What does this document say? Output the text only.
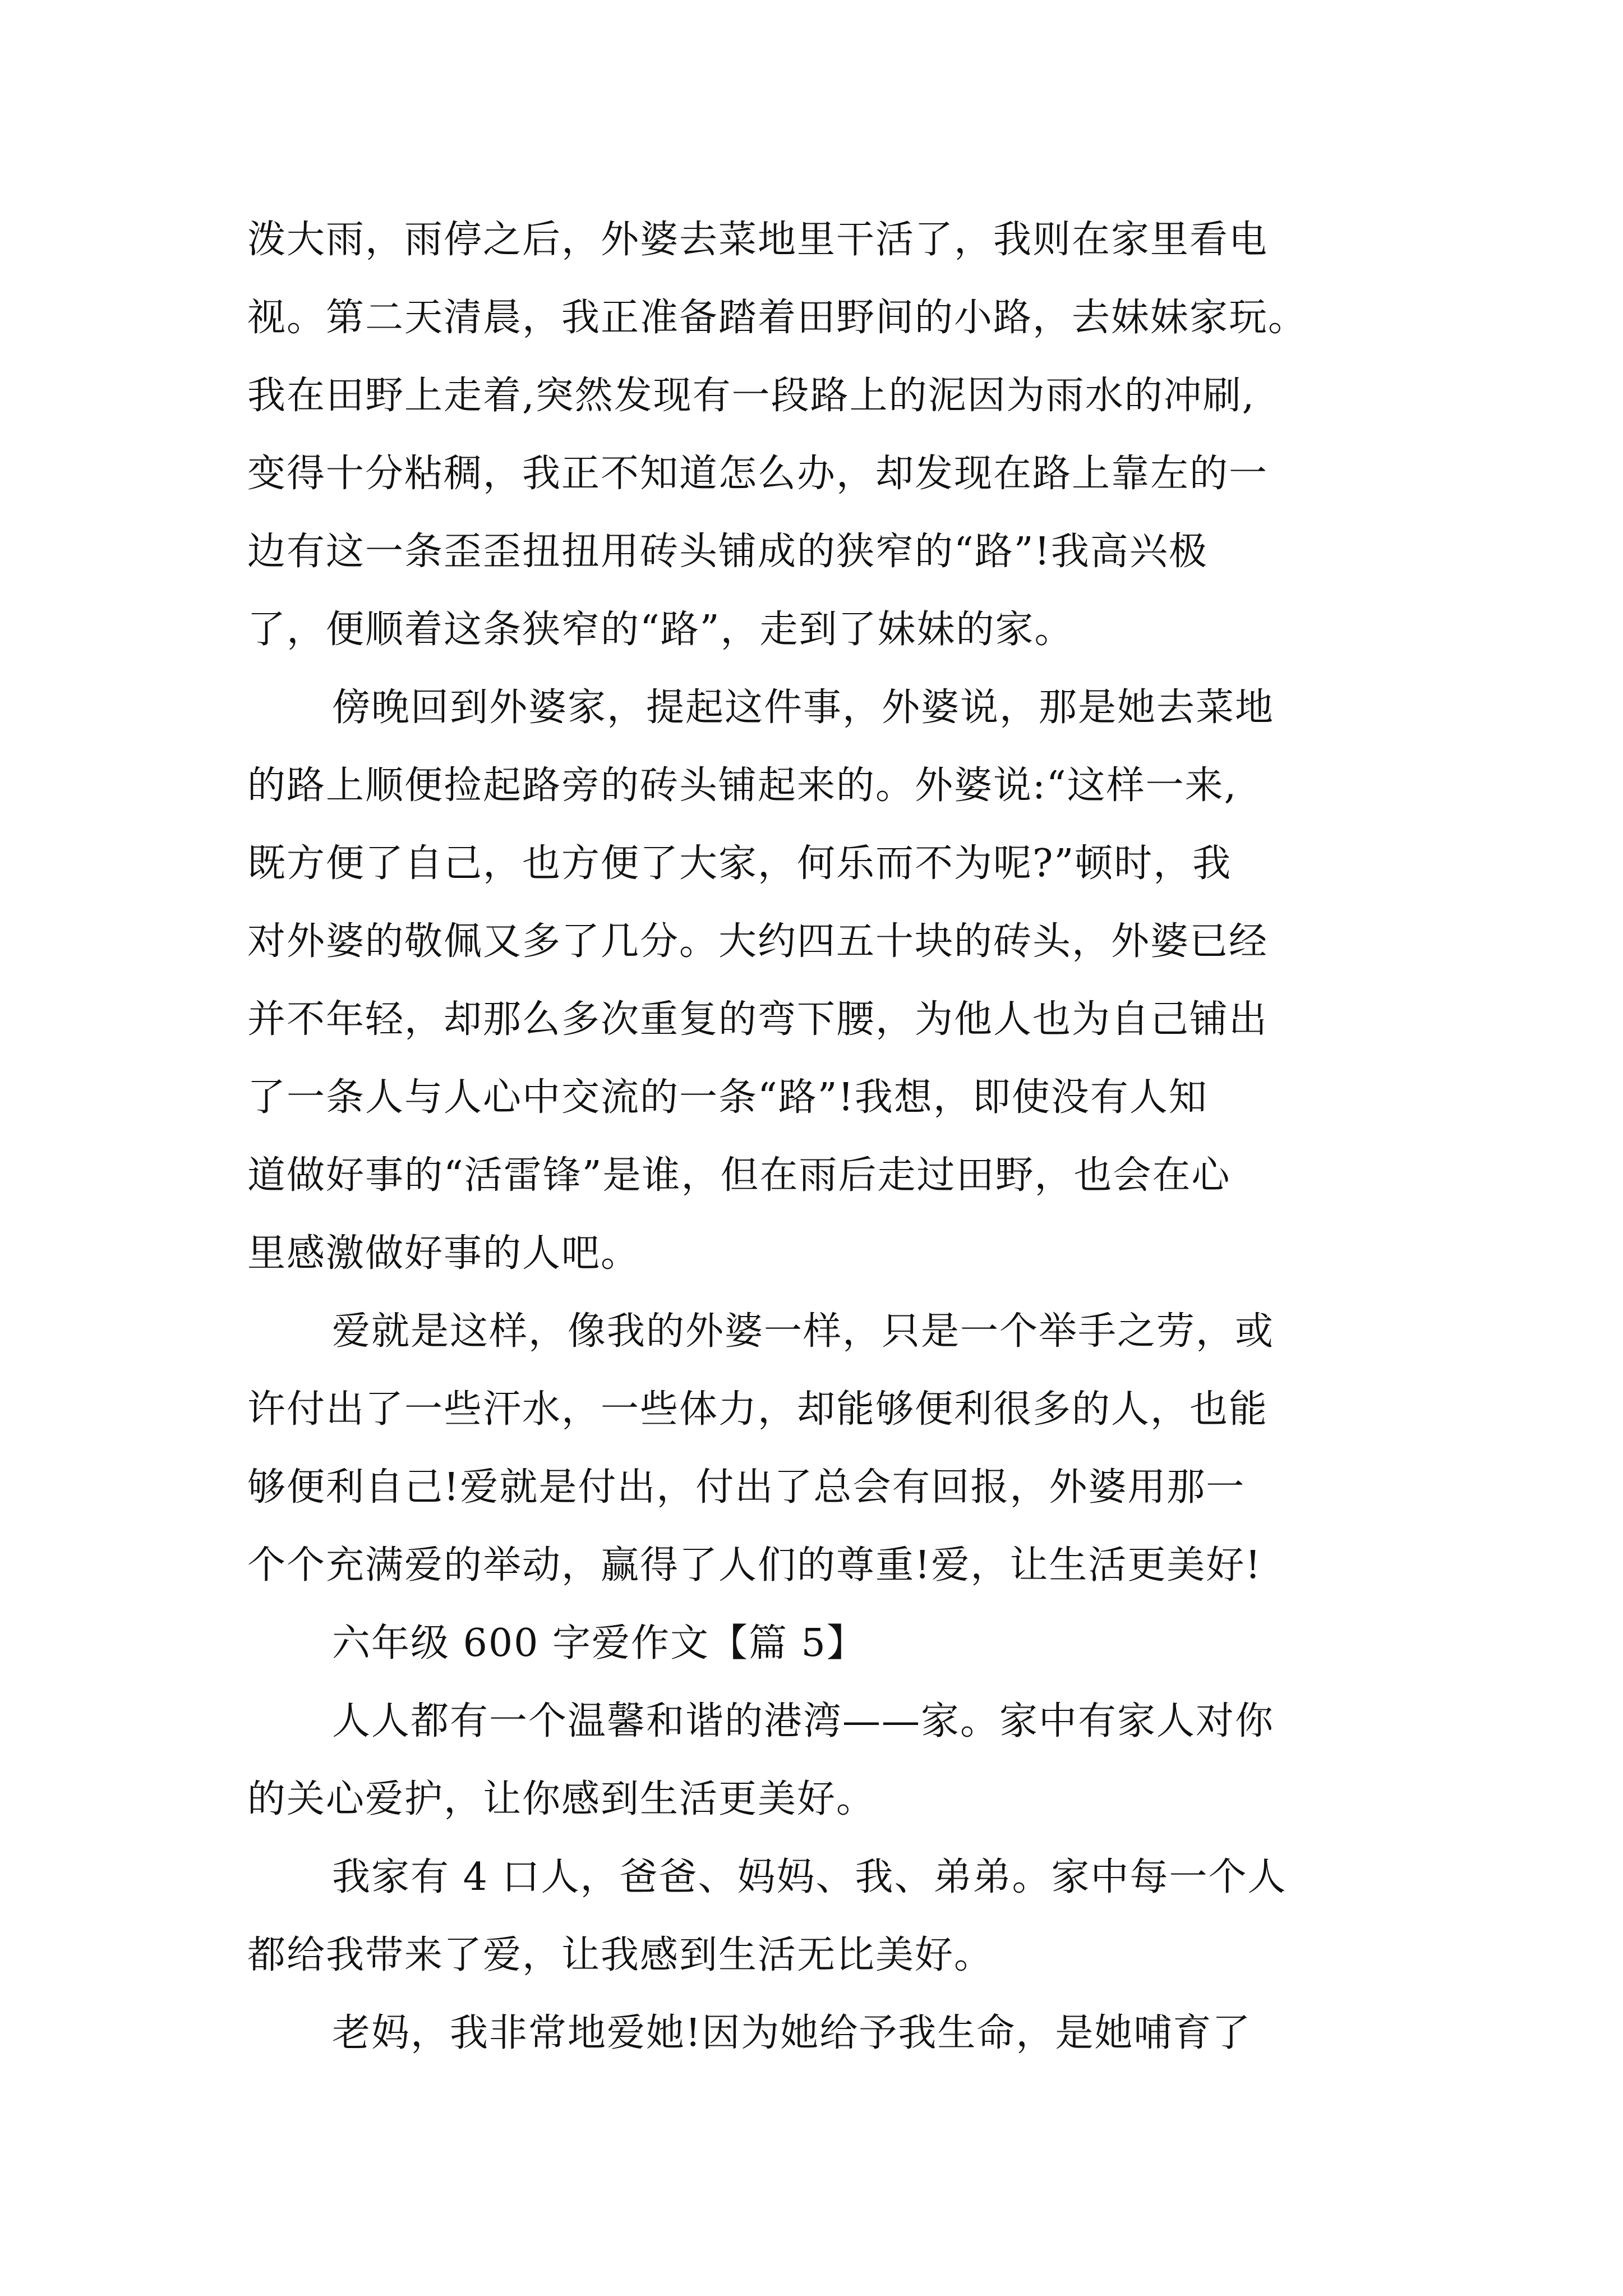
泼大雨，雨停之后，外婆去菜地里干活了，我则在家里看电
视。第二天清晨，我正准备踏着田野间的小路，去妹妹家玩。
我在田野上走着,突然发现有一段路上的泥因为雨水的冲刷,
变得十分粘稠，我正不知道怎么办，却发现在路上靠左的一
边有这一条歪歪扭扭用砖头铺成的狭窄的“路”!我高兴极
了，便顺着这条狭窄的“路”，走到了妹妹的家。
傍晚回到外婆家，提起这件事，外婆说，那是她去菜地
的路上顺便捡起路旁的砖头铺起来的。外婆说:“这样一来,
既方便了自己，也方便了大家，何乐而不为呢?”顿时，我
对外婆的敬佩又多了几分。大约四五十块的砖头，外婆已经
并不年轻，却那么多次重复的弯下腰，为他人也为自己铺出
了一条人与人心中交流的一条“路”!我想，即使没有人知
道做好事的“活雷锋”是谁，但在雨后走过田野，也会在心
里感激做好事的人吧。
爱就是这样，像我的外婆一样，只是一个举手之劳，或
许付出了一些汗水，一些体力，却能够便利很多的人，也能
够便利自己!爱就是付出，付出了总会有回报，外婆用那一
个个充满爱的举动，赢得了人们的尊重!爱，让生活更美好!
六年级 600 字爱作文【篇 5】
人人都有一个温馨和谐的港湾——家。家中有家人对你
的关心爱护，让你感到生活更美好。
我家有 4 口人，爸爸、妈妈、我、弟弟。家中每一个人
都给我带来了爱，让我感到生活无比美好。
老妈，我非常地爱她!因为她给予我生命，是她哺育了
